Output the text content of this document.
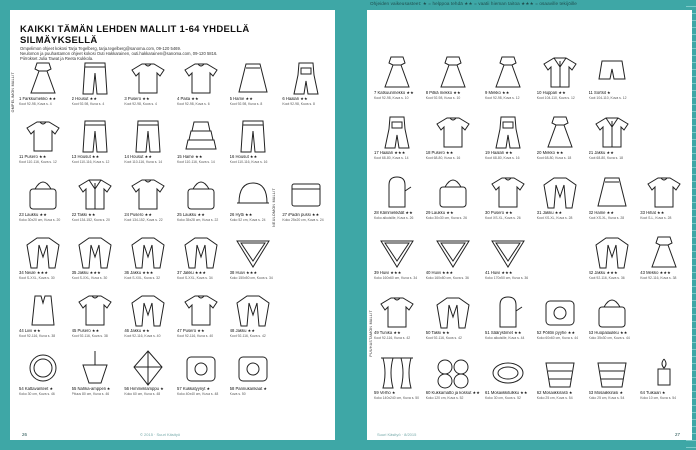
Ohjeiden vaikeusasteet: ★ = helppoa tehdä ★★ = vaatii hieman taitoa ★★★ = osaaville tekijöille
KAIKKI TÄMÄN LEHDEN MALLIT 1-64 YHDELLÄ SILMÄYKSELLÄ
Ompelimon ohjeet kokosi Tarja Tegelberg, tarja.tegelberg@sanoma.com, 09-120 5469.
Neulomon ja puuhastamon ohjeet kokosi Outi Hakkarainen, outi.hakkarainen@sanoma.com, 09-120 5816.
Piirrokset Julia Tawat ja Reeta Kukkola.
OMPELIMON MALLIT
NEULOMON MALLIT
1 Farkkumekko ★★
Koot 92-98, Kuva s. 4
2 Housut ★★
Koot 92-98, Kuva s. 4
3 Pusero ★★
Koot 92-98, Kuva s. 4
4 Paita ★★
Koot 92-98, Kuva s. 6
5 Hame ★★
Koot 92-98, Kuva s. 8
6 Haalari ★★
Koot 92-98, Kuva s. 8
11 Pusero ★★
Koot 110-116, Kuva s. 12
13 Housut ★★
Koot 110-116, Kuva s. 12
14 Housut ★★
Koot 110-116, Kuva s. 14
15 Hame ★★
Koot 110-116, Kuva s. 14
16 Housut ★★
Koot 110-116, Kuva s. 16
23 Laukku ★★
Koko 30x20 cm, Kuva s. 20
22 Takki ★★
Koot 134-152, Kuva s. 20
24 Pusero ★★
Koot 134-152, Kuva s. 22
25 Laukku ★★
Koko 35x28 cm, Kuva s. 22
26 Hytti ★★
Koko 52 cm, Kuva s. 24
27 iPadin pussi ★★
Koko 25x20 cm, Kuva s. 24
34 Neule ★★★
Koot S-XXL, Kuva s. 30
35 Jakku ★★★
Koot S-XXL, Kuva s. 30
36 Jakku ★★★
Koot S-XXL, Kuva s. 32
37 Jakku ★★★
Koot S-XXL, Kuva s. 34
38 Huivi ★★★
Koko 150x50 cm, Kuva s. 34
44 Liivi ★★
Koot 92-116, Kuva s. 38
45 Pusero ★★
Koot 92-116, Kuva s. 38
46 Jakku ★★
Koot 92-116, Kuva s. 40
47 Pusero ★★
Koot 92-116, Kuva s. 40
48 Jakku ★★
Koot 92-116, Kuva s. 42
54 Kattavanteet ★
Koko 30 cm, Kuva s. 46
55 Nahka-amppeli ★
Pituus 80 cm, Kuva s. 46
56 Himmelilamppu ★
Koko 60 cm, Kuva s. 48
57 Kukkatyynyt ★
Koko 40x40 cm, Kuva s. 48
58 Pannukankaat ★
Kuva s. 50
26	© 2015 · Suuri Käsityö
PUUHASTAMON MALLIT
7 Katsuunmekko ★★
Koot 92-98, Kuva s. 10
8 Pitkä mekko ★★
Koot 92-98, Kuva s. 10
9 Mekko ★★
Koot 92-98, Kuva s. 12
10 Huppari ★★
Koot 104-110, Kuva s. 12
11 Sortsit ★
Koot 104-110, Kuva s. 12
17 Haalari ★★★
Koot 68-80, Kuva s. 14
18 Pusero ★★
Koot 68-80, Kuva s. 16
19 Haalari ★★
Koot 68-80, Kuva s. 16
20 Mekko ★★
Koot 68-80, Kuva s. 18
21 Jakku ★★
Koot 68-80, Kuva s. 18
28 Kämmekkäät ★★
Koko aikuisille, Kuva s. 26
29 Laukku ★★
Koko 30x30 cm, Kuva s. 26
30 Pusero ★★
Koot XS-XL, Kuva s. 26
31 Jakku ★★
Koot XS-XL, Kuva s. 28
32 Hame ★★
Koot XS-XL, Kuva s. 28
33 Hihat ★★
Koot S-L, Kuva s. 28
39 Huivi ★★★
Koko 160x60 cm, Kuva s. 34
40 Huivi ★★★
Koko 160x80 cm, Kuva s. 36
41 Huivi ★★★
Koko 170x50 cm, Kuva s. 36
42 Jakku ★★★
Koot 92-116, Kuva s. 36
43 Mekko ★★★
Koot 92-116, Kuva s. 38
49 Tunika ★★
Koot 92-116, Kuva s. 42
50 Takki ★★
Koot 92-116, Kuva s. 42
51 Säärystimet ★★
Koko aikuisille, Kuva s. 44
52 Pöllön pyyhe ★★
Koko 60x60 cm, Kuva s. 44
53 Huopalaukku ★★
Koko 35x30 cm, Kuva s. 44
59 Verho ★
Koko 140x240 cm, Kuva s. 50
60 Kukkamatto ja kossut ★★
Koko 120 cm, Kuva s. 52
61 Mosaiikkitulkku ★★
Koko 30 cm, Kuva s. 52
62 Mosaiikkirasti ★
Koko 25 cm, Kuva s. 54
63 Mosaiikkirasi ★
Koko 25 cm, Kuva s. 54
64 Tuikaari ★
Koko 10 cm, Kuva s. 54
27
Suuri Käsityö · 8/2015
